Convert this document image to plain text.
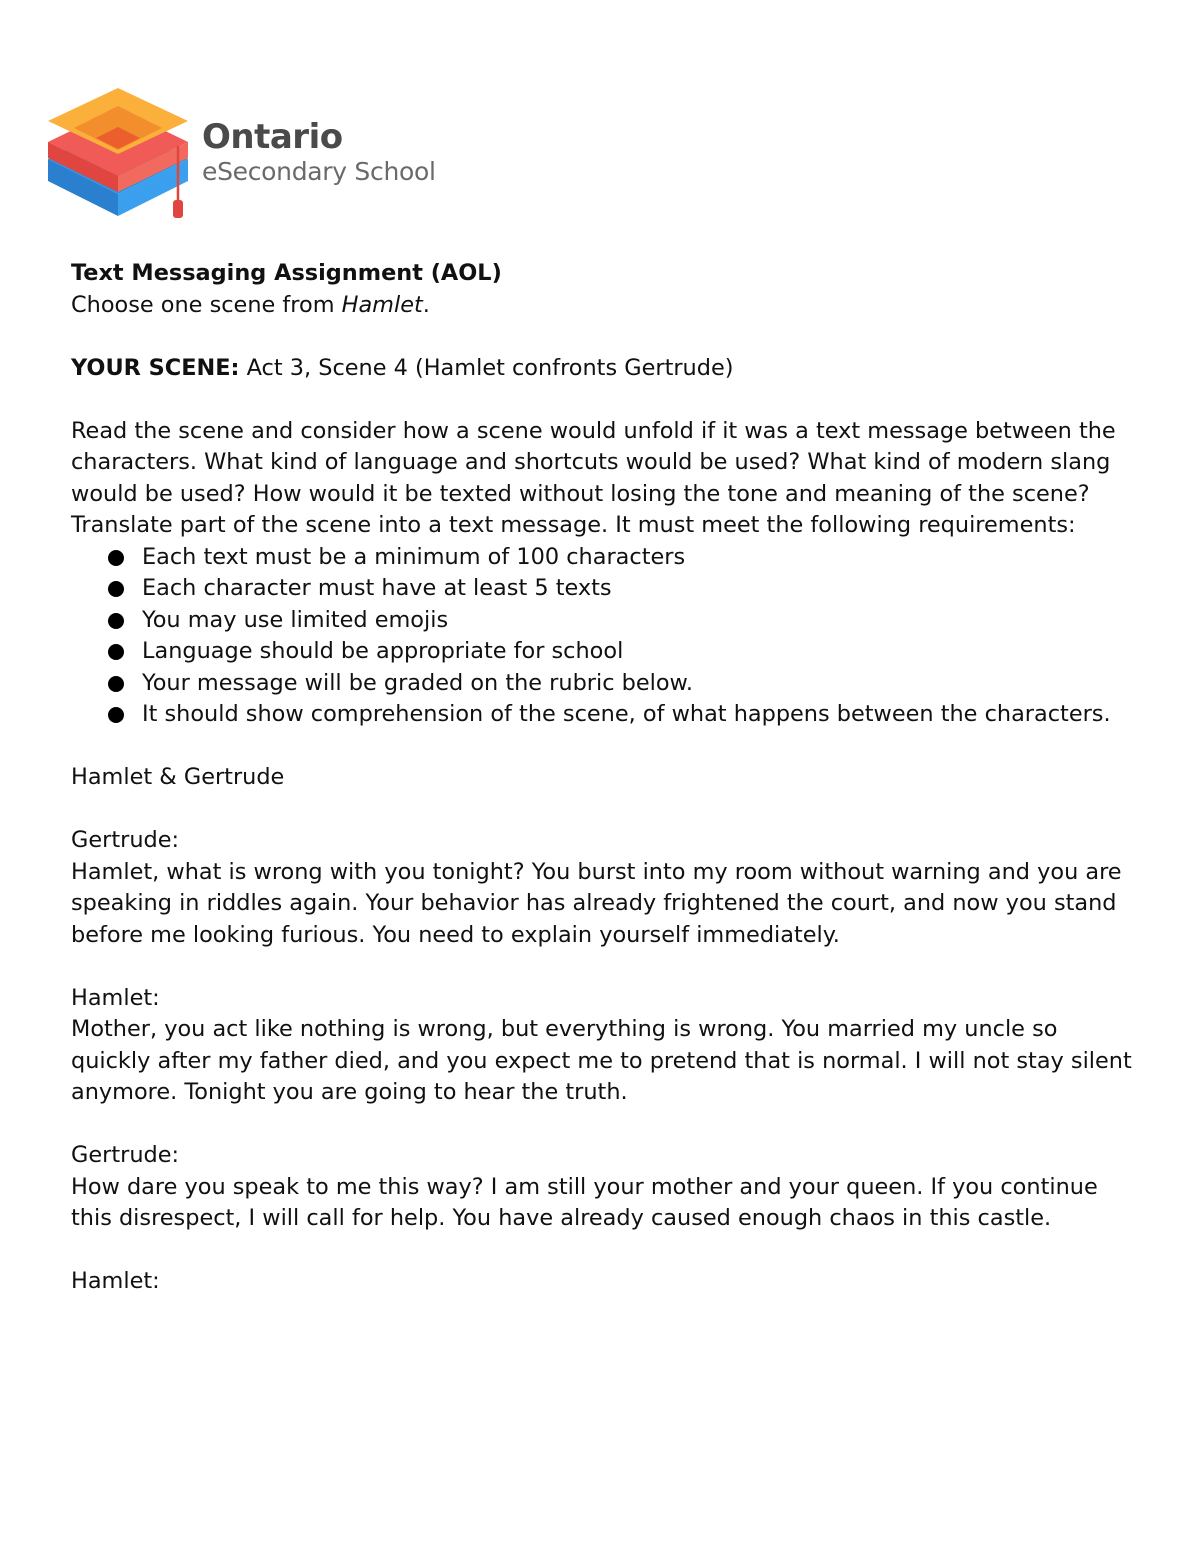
Ontario
eSecondary School

Text Messaging Assignment (AOL)

Choose one scene from Hamlet.

YOUR SCENE: Act 3, Scene 4 (Hamlet confronts Gertrude)

Read the scene and consider how a scene would unfold if it was a text message between the characters. What kind of language and shortcuts would be used? What kind of modern slang would be used? How would it be texted without losing the tone and meaning of the scene?

Translate part of the scene into a text message. It must meet the following requirements:

Each text must be a minimum of 100 characters
Each character must have at least 5 texts
You may use limited emojis
Language should be appropriate for school
Your message will be graded on the rubric below.
It should show comprehension of the scene, of what happens between the characters.

Hamlet & Gertrude

Gertrude:

Hamlet, what is wrong with you tonight? You burst into my room without warning and you are speaking in riddles again. Your behavior has already frightened the court, and now you stand before me looking furious. You need to explain yourself immediately.

Hamlet:

Mother, you act like nothing is wrong, but everything is wrong. You married my uncle so quickly after my father died, and you expect me to pretend that is normal. I will not stay silent anymore. Tonight you are going to hear the truth.

Gertrude:

How dare you speak to me this way? I am still your mother and your queen. If you continue this disrespect, I will call for help. You have already caused enough chaos in this castle.

Hamlet:
